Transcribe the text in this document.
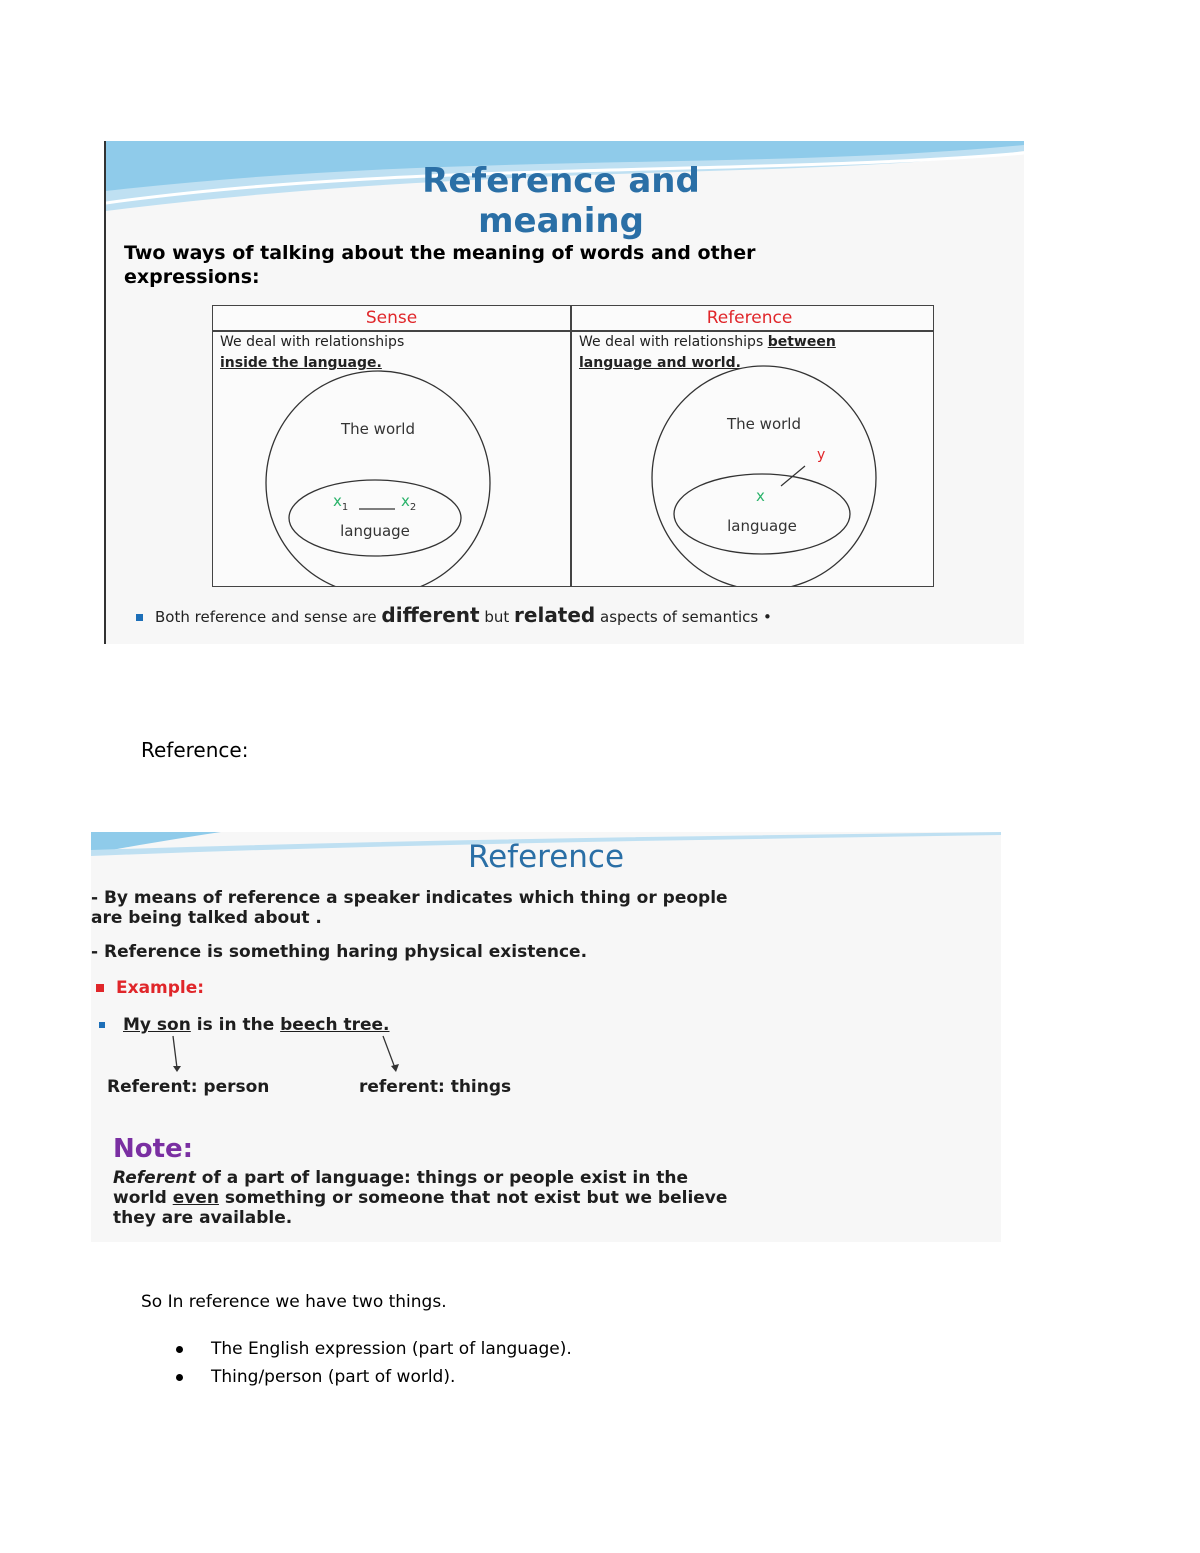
Reference and
meaning
Two ways of talking about the meaning of words and other
expressions:
Sense	Reference
We deal with relationships
inside the language.
We deal with relationships between
language and world.
The world
language
$x_1$	$x_2$
The world
language
x
y
Both reference and sense are different but related aspects of semantics •
Reference:
Reference
- By means of reference a speaker indicates which thing or people
are being talked about .
- Reference is something haring physical existence.
Example:
My son is in the beech tree.
Referent: person	referent: things
Note:
Referent of a part of language: things or people exist in the
world even something or someone that not exist but we believe
they are available.
So In reference we have two things.
The English expression (part of language).
Thing/person (part of world).
